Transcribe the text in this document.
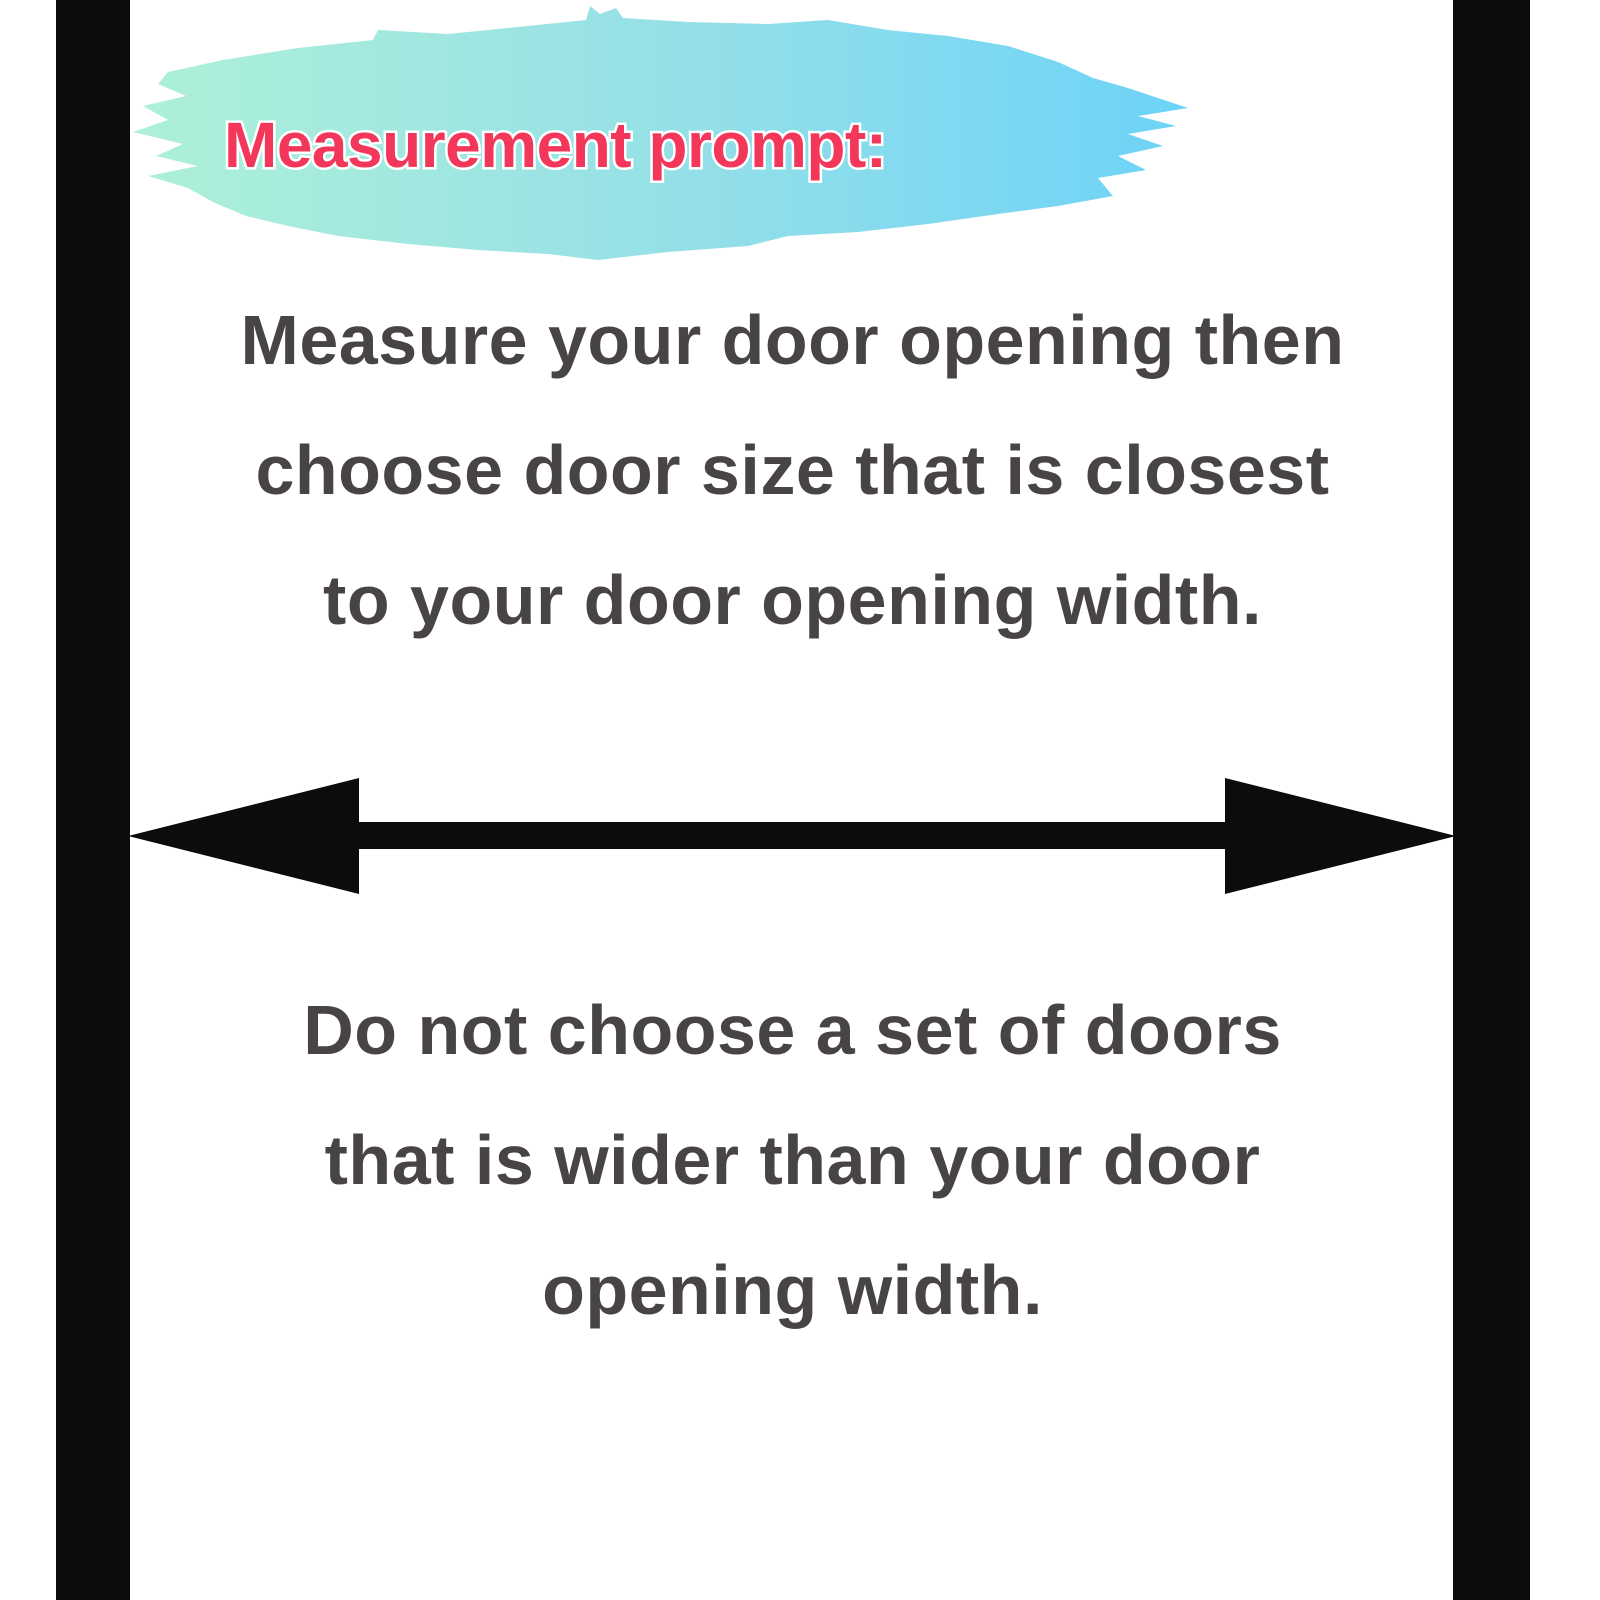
Measurement prompt:
Measure your door opening then
choose door size that is closest
to your door opening width.
Do not choose a set of doors
that is wider than your door
opening width.
